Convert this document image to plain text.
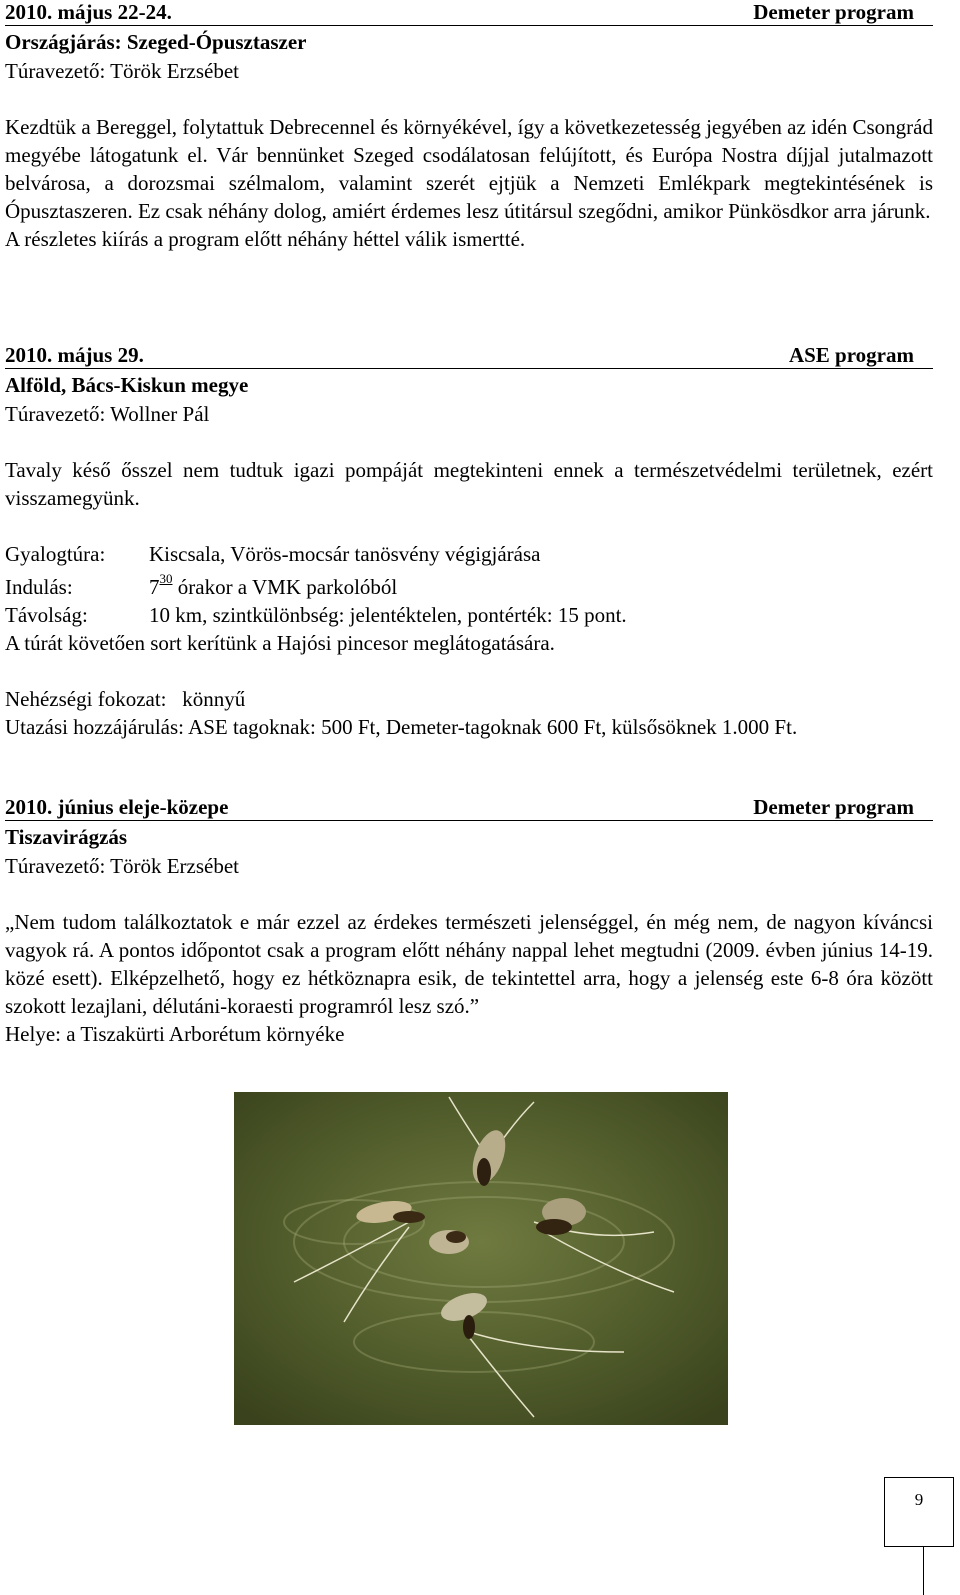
2010. május 22-24.	Demeter program
Országjárás: Szeged-Ópusztaszer
Túravezető: Török Erzsébet

Kezdtük a Bereggel, folytattuk Debrecennel és környékével, így a következetesség jegyében az idén Csongrád megyébe látogatunk el. Vár bennünket Szeged csodálatosan felújított, és Európa Nostra díjjal jutalmazott belvárosa, a dorozsmai szélmalom, valamint szerét ejtjük a Nemzeti Emlékpark megtekintésének is Ópusztaszeren. Ez csak néhány dolog, amiért érdemes lesz útitársul szegődni, amikor Pünkösdkor arra járunk.

A részletes kiírás a program előtt néhány héttel válik ismertté.
2010. május 29.	ASE program
Alföld, Bács-Kiskun megye
Túravezető: Wollner Pál

Tavaly késő ősszel nem tudtuk igazi pompáját megtekinteni ennek a természetvédelmi területnek, ezért visszamegyünk.

Gyalogtúra: Kiscsala, Vörös-mocsár tanösvény végigjárása
Indulás:	$7^{30}$ órakor a VMK parkolóból
Távolság:	10 km, szintkülönbség: jelentéktelen, pontérték: 15 pont.
A túrát követően sort kerítünk a Hajósi pincesor meglátogatására.
Nehézségi fokozat: könnyű
Utazási hozzájárulás: ASE tagoknak: 500 Ft, Demeter-tagoknak 600 Ft, külsősöknek 1.000 Ft.
2010. június eleje-közepe	Demeter program
Tiszavirágzás
Túravezető: Török Erzsébet

„Nem tudom találkoztatok e már ezzel az érdekes természeti jelenséggel, én még nem, de nagyon kíváncsi vagyok rá. A pontos időpontot csak a program előtt néhány nappal lehet megtudni (2009. évben június 14-19. közé esett). Elképzelhető, hogy ez hétköznapra esik, de tekintettel arra, hogy a jelenség este 6-8 óra között szokott lezajlani, délutáni-koraesti programról lesz szó.”

Helye: a Tiszakürti Arborétum környéke
9
